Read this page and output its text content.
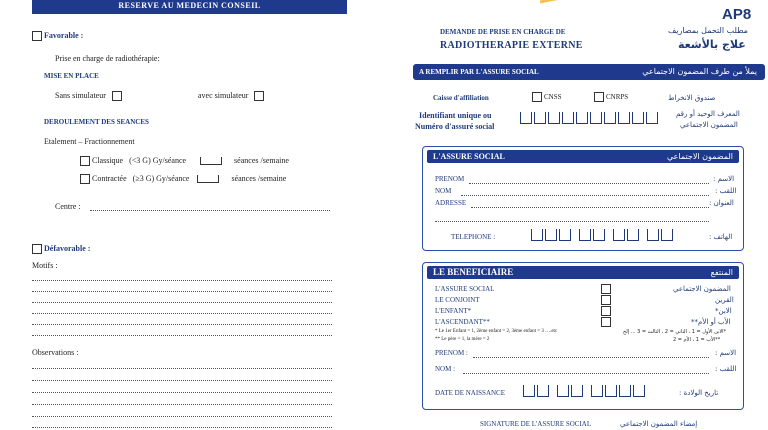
RESERVE AU MEDECIN CONSEIL
Favorable :
Prise en charge de radiothérapie:
MISE EN PLACE
Sans simulateur	avec simulateur
DEROULEMENT DES SEANCES
Etalement – Fractionnement
Classique (<3 G) Gy/séance	séances /semaine
Contractée (≥3 G) Gy/séance	séances /semaine
Centre :
Défavorable :
Motifs :
Observations :
AP8
DEMANDE DE PRISE EN CHARGE DE
RADIOTHERAPIE EXTERNE
مطلب التحمل بمصاريف
علاج بالأشعة
A REMPLIR PAR L'ASSURE SOCIAL	يملأ من طرف المضمون الاجتماعي
Caisse d'affiliation	CNSS	CNRPS	صندوق الانخراط
Identifiant unique ou
Numéro d'assuré social
المعرف الوحيد أو رقم
المضمون الاجتماعي
L'ASSURE SOCIAL	المضمون الاجتماعي
PRENOM	الاسم :
NOM	اللقب :
ADRESSE	العنوان :
TELEPHONE :	الهاتف :
LE BENEFICIAIRE	المنتفع
L'ASSURE SOCIAL	المضمون الاجتماعي
LE CONJOINT	القرين
L'ENFANT*	الابن*
L'ASCENDANT**	الأب أو الأم**
* Le 1er Enfant = 1, 2ème enfant = 2, 3ème enfant = 3 ….etc
** Le père = 1, la mère = 2
*الابن الأول = 1 ، الثاني = 2 ، الثالث = 3 ... إلخ
**الأب = 1 ، الأم = 2
PRENOM :	الاسم :
NOM :	اللقب :
DATE DE NAISSANCE	تاريخ الولادة :
SIGNATURE DE L'ASSURE SOCIAL	إمضاء المضمون الاجتماعي
